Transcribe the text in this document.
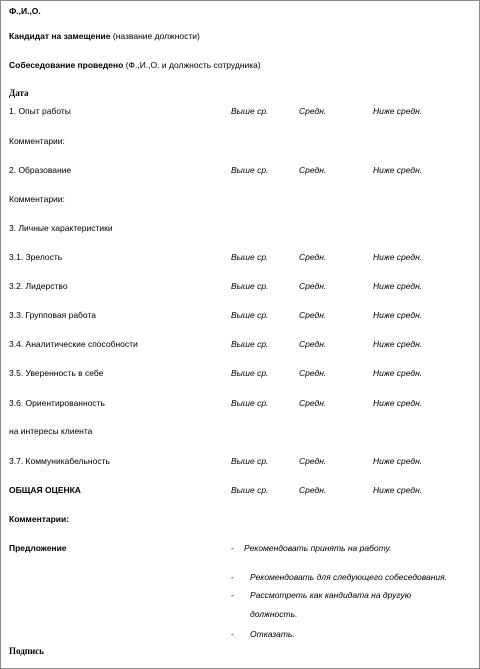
Ф.,И.,О.
Кандидат на замещение (название должности)
Собеседование проведено (Ф.,И.,О. и должность сотрудника)
Дата
1. Опыт работы	Выше ср.	Средн.	Ниже средн.
Комментарии:
2. Образование	Выше ср.	Средн.	Ниже средн.
Комментарии:
3. Личные характеристики
3.1. Зрелость	Выше ср.	Средн.	Ниже средн.
3.2. Лидерство	Выше ср.	Средн.	Ниже средн.
3.3. Групповая работа	Выше ср.	Средн.	Ниже средн.
3.4. Аналитические способности	Выше ср.	Средн.	Ниже средн.
3.5. Уверенность в себе	Выше ср.	Средн.	Ниже средн.
3.6. Ориентированность	Выше ср.	Средн.	Ниже средн.
на интересы клиента
3.7. Коммуникабельность	Выше ср.	Средн.	Ниже средн.
ОБЩАЯ ОЦЕНКА	Выше ср.	Средн.	Ниже средн.
Комментарии:
Предложение	- Рекомендовать принять на работу.
- Рекомендовать для следующего собеседования.
- Рассмотреть как кандидата на другую
должность.
- Отказать.
Подпись
